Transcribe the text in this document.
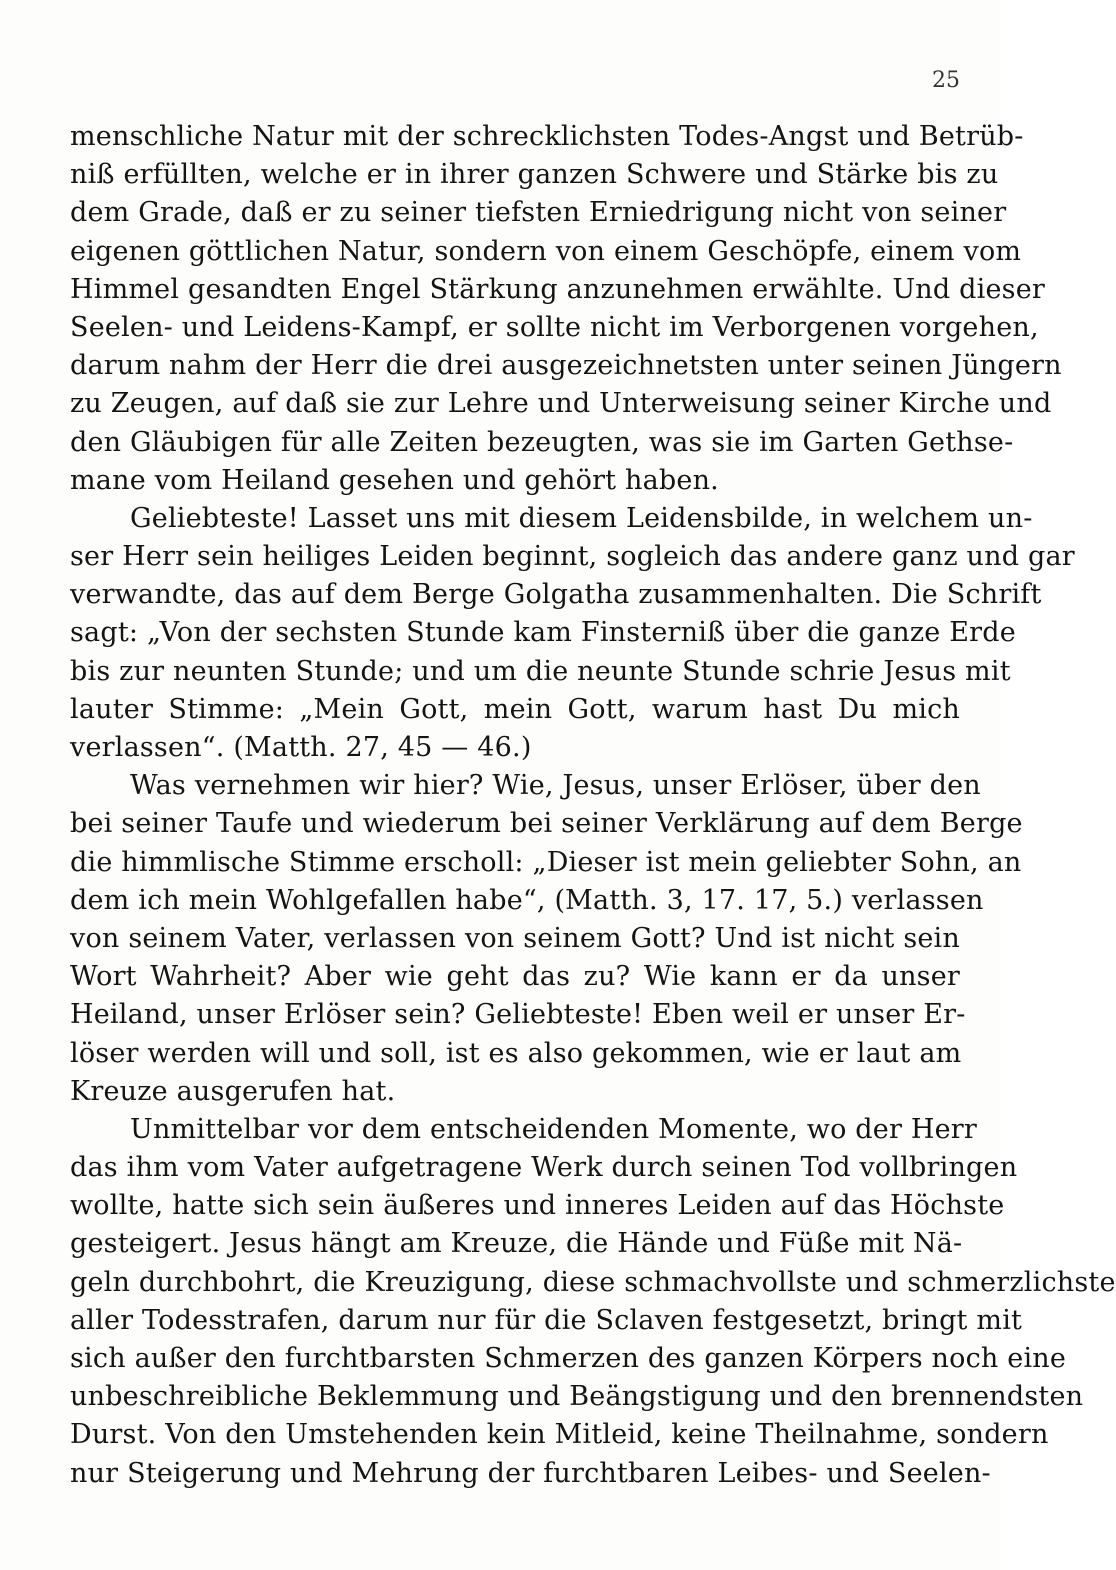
25
menschliche Natur mit der schrecklichsten Todes-Angst und Betrüb-
niß erfüllten, welche er in ihrer ganzen Schwere und Stärke bis zu
dem Grade, daß er zu seiner tiefsten Erniedrigung nicht von seiner
eigenen göttlichen Natur, sondern von einem Geschöpfe, einem vom
Himmel gesandten Engel Stärkung anzunehmen erwählte. Und dieser
Seelen- und Leidens-Kampf, er sollte nicht im Verborgenen vorgehen,
darum nahm der Herr die drei ausgezeichnetsten unter seinen Jüngern
zu Zeugen, auf daß sie zur Lehre und Unterweisung seiner Kirche und
den Gläubigen für alle Zeiten bezeugten, was sie im Garten Gethse-
mane vom Heiland gesehen und gehört haben.
Geliebteste! Lasset uns mit diesem Leidensbilde, in welchem un-
ser Herr sein heiliges Leiden beginnt, sogleich das andere ganz und gar
verwandte, das auf dem Berge Golgatha zusammenhalten. Die Schrift
sagt: „Von der sechsten Stunde kam Finsterniß über die ganze Erde
bis zur neunten Stunde; und um die neunte Stunde schrie Jesus mit
lauter Stimme: „Mein Gott, mein Gott, warum hast Du mich
verlassen“. (Matth. 27, 45 — 46.)
Was vernehmen wir hier? Wie, Jesus, unser Erlöser, über den
bei seiner Taufe und wiederum bei seiner Verklärung auf dem Berge
die himmlische Stimme erscholl: „Dieser ist mein geliebter Sohn, an
dem ich mein Wohlgefallen habe“, (Matth. 3, 17. 17, 5.) verlassen
von seinem Vater, verlassen von seinem Gott? Und ist nicht sein
Wort Wahrheit? Aber wie geht das zu? Wie kann er da unser
Heiland, unser Erlöser sein? Geliebteste! Eben weil er unser Er-
löser werden will und soll, ist es also gekommen, wie er laut am
Kreuze ausgerufen hat.
Unmittelbar vor dem entscheidenden Momente, wo der Herr
das ihm vom Vater aufgetragene Werk durch seinen Tod vollbringen
wollte, hatte sich sein äußeres und inneres Leiden auf das Höchste
gesteigert. Jesus hängt am Kreuze, die Hände und Füße mit Nä-
geln durchbohrt, die Kreuzigung, diese schmachvollste und schmerzlichste
aller Todesstrafen, darum nur für die Sclaven festgesetzt, bringt mit
sich außer den furchtbarsten Schmerzen des ganzen Körpers noch eine
unbeschreibliche Beklemmung und Beängstigung und den brennendsten
Durst. Von den Umstehenden kein Mitleid, keine Theilnahme, sondern
nur Steigerung und Mehrung der furchtbaren Leibes- und Seelen-
